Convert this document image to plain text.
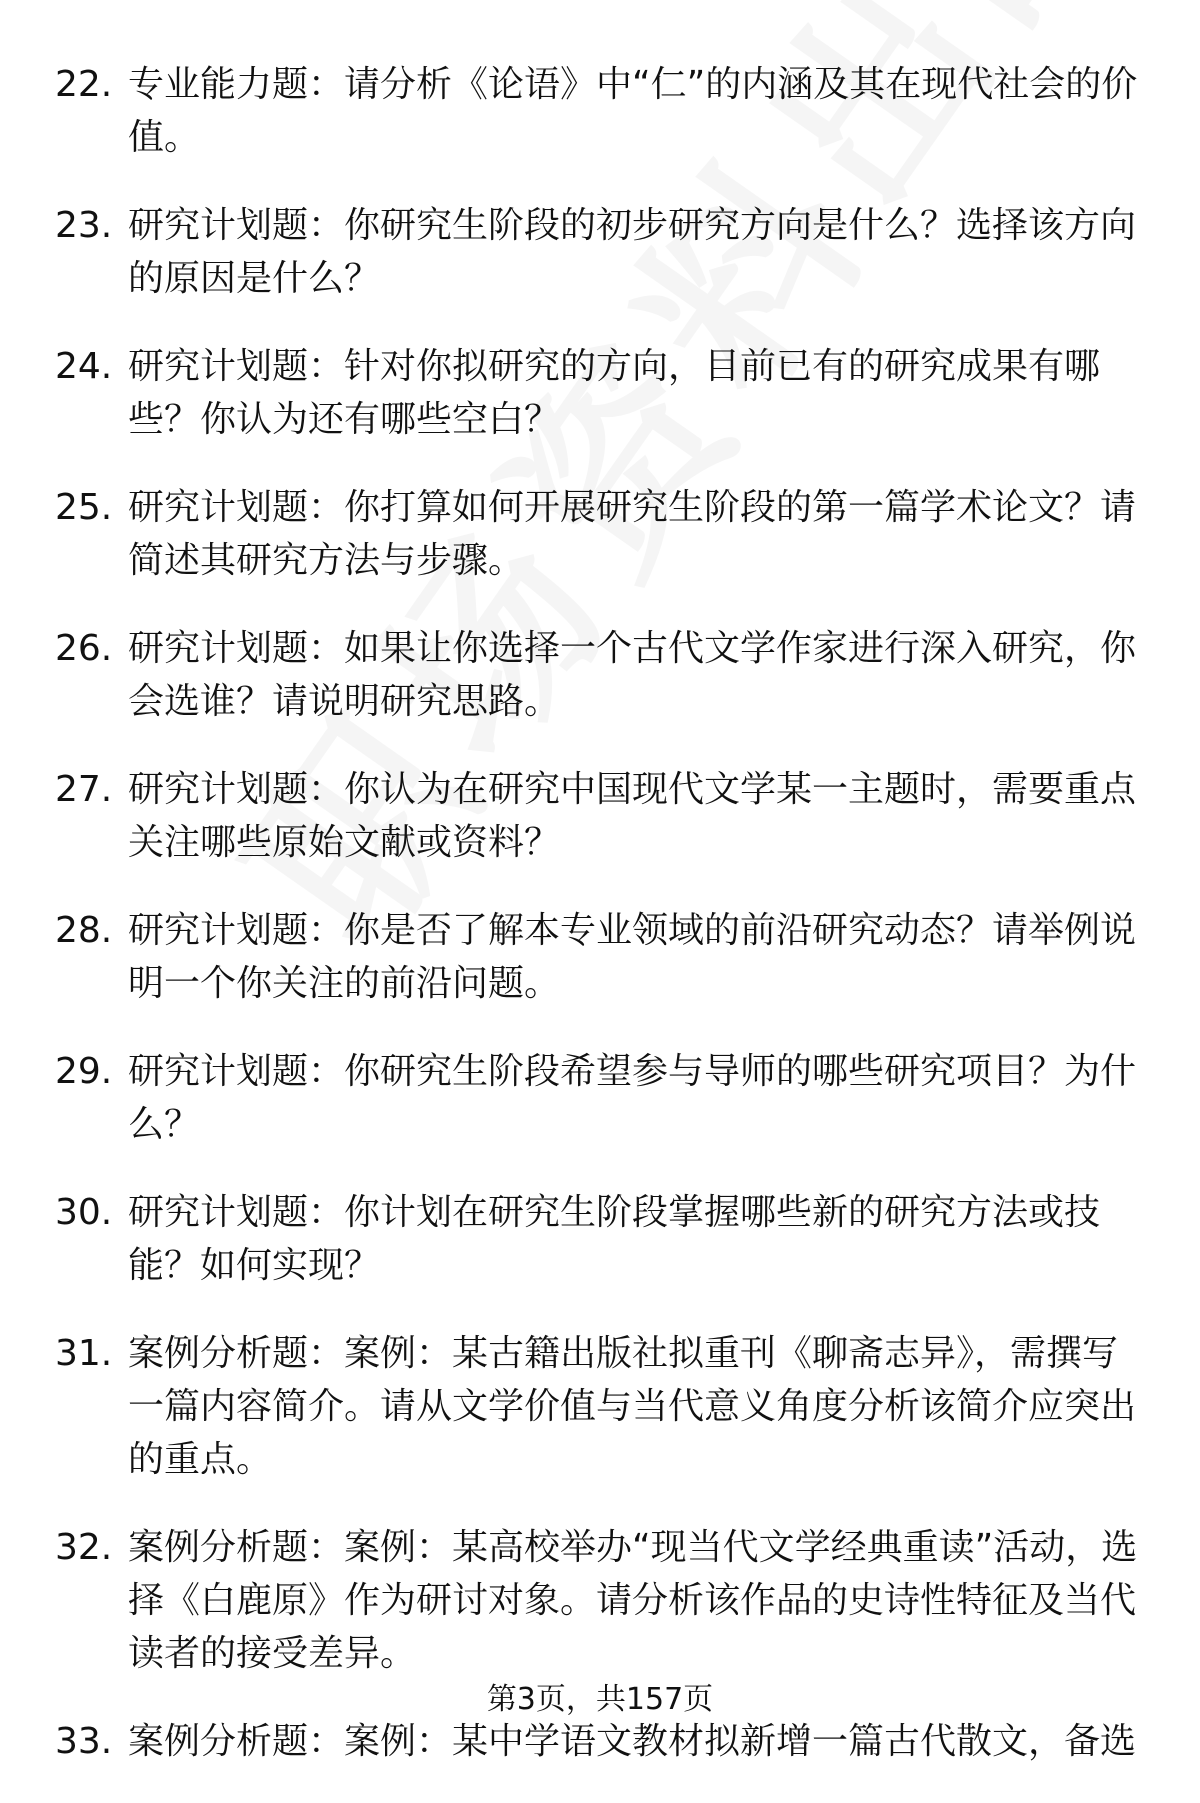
22. 专业能力题：请分析《论语》中“仁”的内涵及其在现代社会的价值。
23. 研究计划题：你研究生阶段的初步研究方向是什么？选择该方向的原因是什么？
24. 研究计划题：针对你拟研究的方向，目前已有的研究成果有哪些？你认为还有哪些空白？
25. 研究计划题：你打算如何开展研究生阶段的第一篇学术论文？请简述其研究方法与步骤。
26. 研究计划题：如果让你选择一个古代文学作家进行深入研究，你会选谁？请说明研究思路。
27. 研究计划题：你认为在研究中国现代文学某一主题时，需要重点关注哪些原始文献或资料？
28. 研究计划题：你是否了解本专业领域的前沿研究动态？请举例说明一个你关注的前沿问题。
29. 研究计划题：你研究生阶段希望参与导师的哪些研究项目？为什么？
30. 研究计划题：你计划在研究生阶段掌握哪些新的研究方法或技能？如何实现？
31. 案例分析题：案例：某古籍出版社拟重刊《聊斋志异》，需撰写一篇内容简介。请从文学价值与当代意义角度分析该简介应突出的重点。
32. 案例分析题：案例：某高校举办“现当代文学经典重读”活动，选择《白鹿原》作为研讨对象。请分析该作品的史诗性特征及当代读者的接受差异。
33. 案例分析题：案例：某中学语文教材拟新增一篇古代散文，备选
第3页，共157页
